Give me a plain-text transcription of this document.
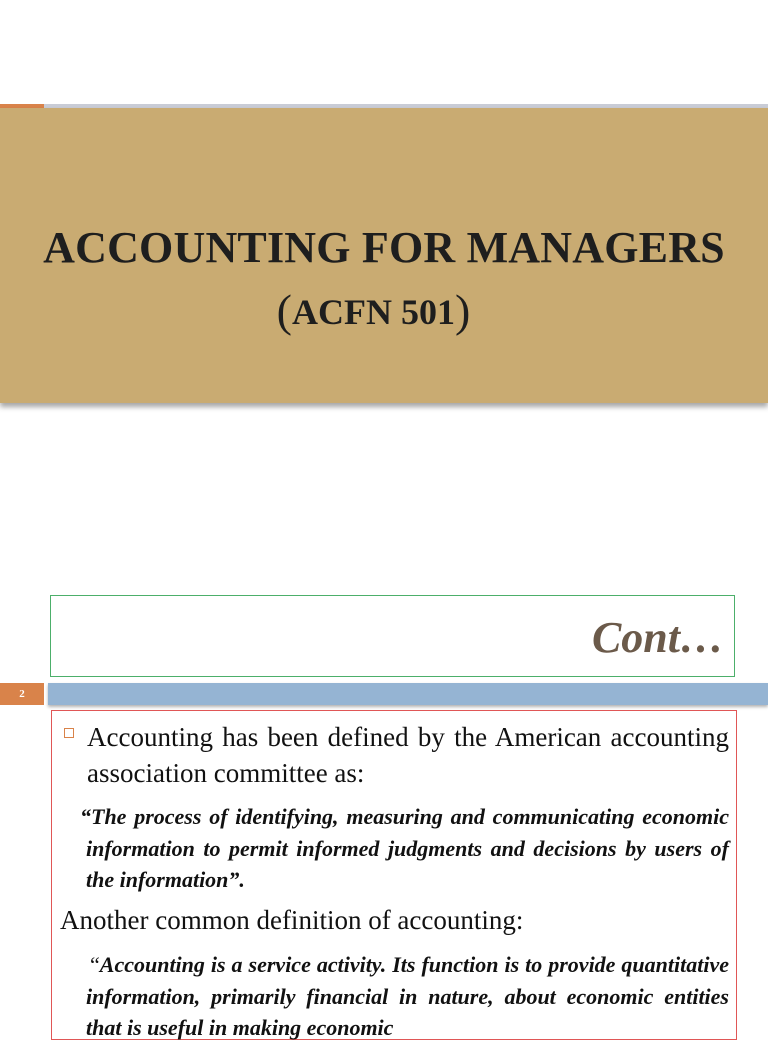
ACCOUNTING FOR MANAGERS
(ACFN 501)
Cont…
2
Accounting has been defined by the American accounting association committee as:
“The process of identifying, measuring and communicating economic information to permit informed judgments and decisions by users of the information”.
Another common definition of accounting:
“Accounting is a service activity. Its function is to provide quantitative information, primarily financial in nature, about economic entities that is useful in making economic
